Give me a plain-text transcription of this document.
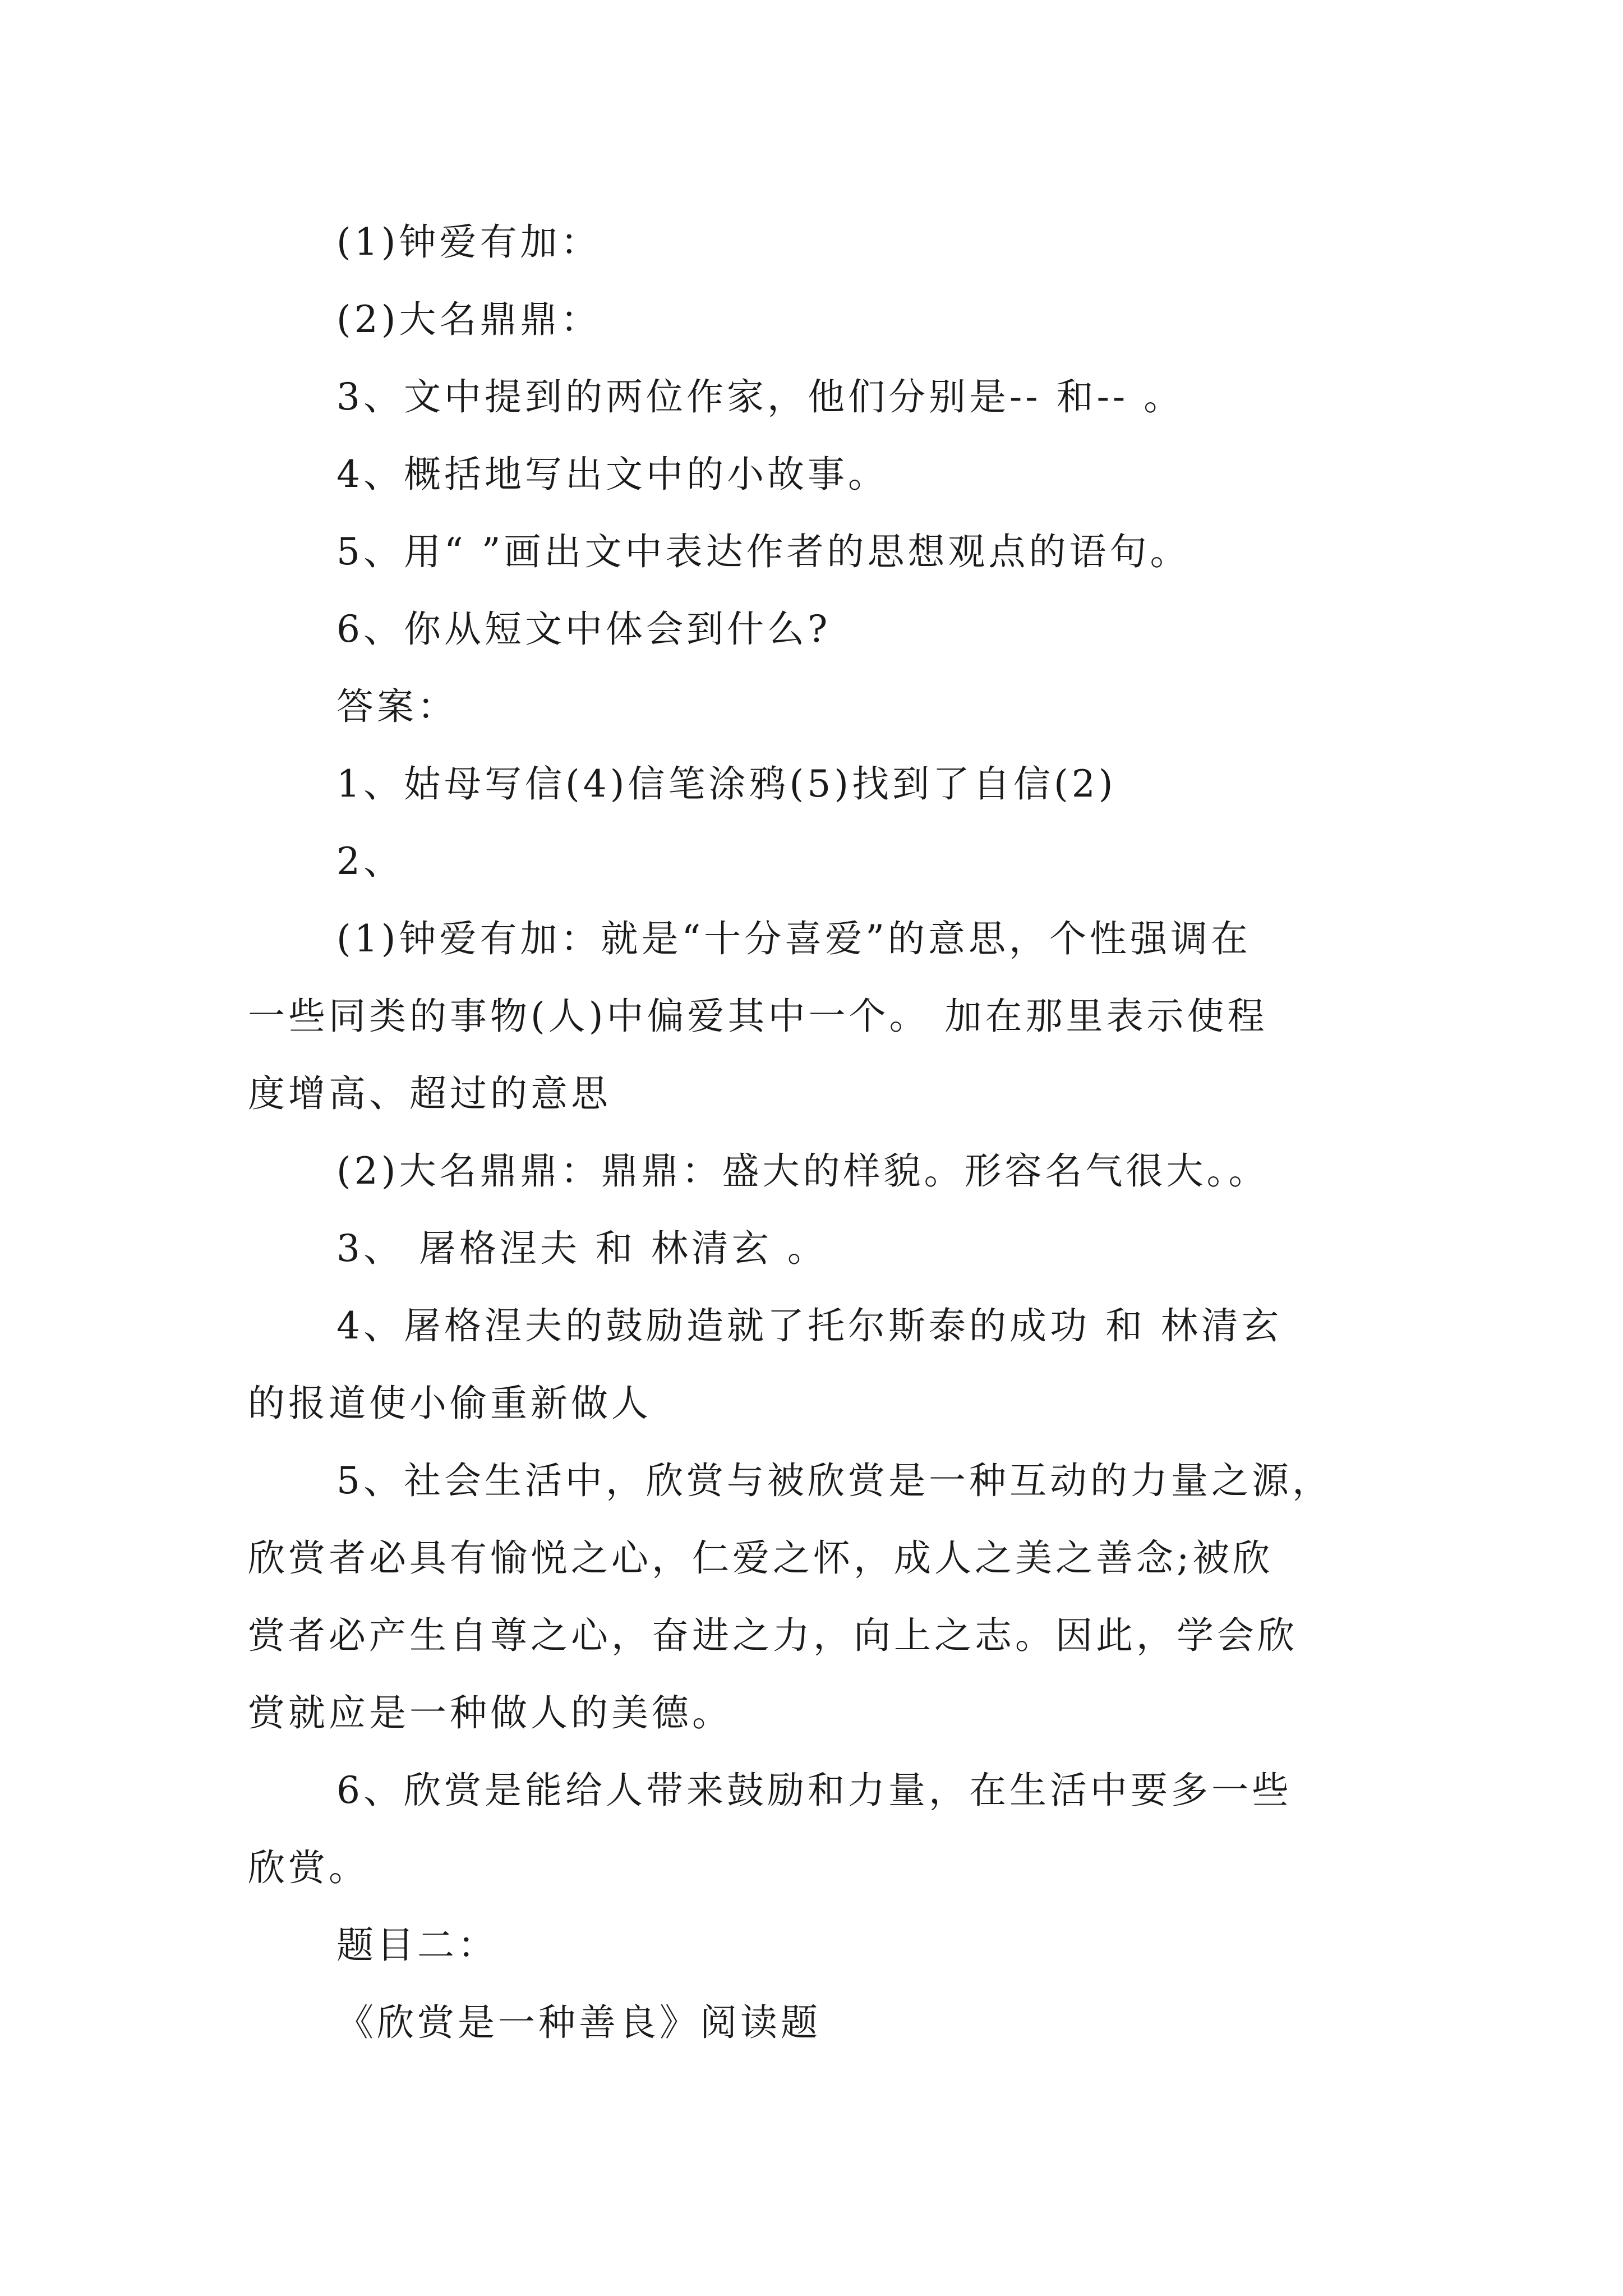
(1)钟爱有加：
(2)大名鼎鼎：
3、文中提到的两位作家，他们分别是-- 和-- 。
4、概括地写出文中的小故事。
5、用“ ”画出文中表达作者的思想观点的语句。
6、你从短文中体会到什么?
答案：
1、姑母写信(4)信笔涂鸦(5)找到了自信(2)
2、
(1)钟爱有加：就是“十分喜爱”的意思，个性强调在
一些同类的事物(人)中偏爱其中一个。 加在那里表示使程
度增高、超过的意思
(2)大名鼎鼎：鼎鼎：盛大的样貌。形容名气很大。。
3、 屠格涅夫 和 林清玄 。
4、屠格涅夫的鼓励造就了托尔斯泰的成功 和 林清玄
的报道使小偷重新做人
5、社会生活中，欣赏与被欣赏是一种互动的力量之源，
欣赏者必具有愉悦之心，仁爱之怀，成人之美之善念;被欣
赏者必产生自尊之心，奋进之力，向上之志。因此，学会欣
赏就应是一种做人的美德。
6、欣赏是能给人带来鼓励和力量，在生活中要多一些
欣赏。
题目二：
《欣赏是一种善良》阅读题
